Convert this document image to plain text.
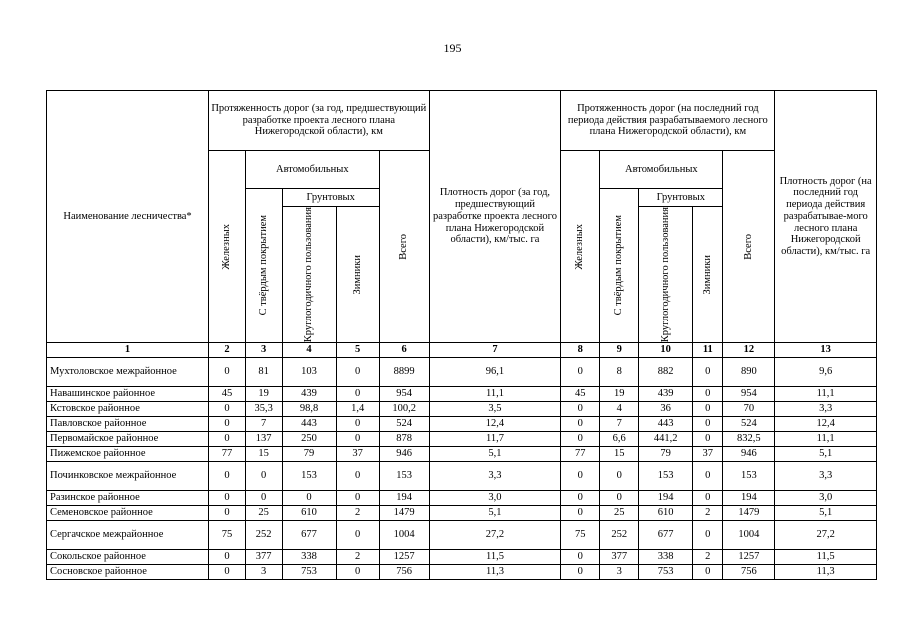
195
Наименование лесничества*	Протяженность дорог (за год, предшествующий разработке проекта лесного плана Нижегородской области), км					Плотность дорог (за год, предшествующий разработке проекта лесного плана Нижегородской области), км/тыс. га	Протяженность дорог (на последний год периода действия разрабатываемого лесного плана Нижегородской области), км					Плотность дорог (на последний год периода действия разрабатывае-мого лесного плана Нижегородской области), км/тыс. га

	Железных	Автомобильных			Всего		Железных	Автомобильных			Всего	

		С твёрдым покрытием	Грунтовых					С твёрдым покрытием	Грунтовых			

			Круглогодичного пользования	Зимники					Круглогодичного пользования	Зимники		

1	2	3	4	5	6	7	8	9	10	11	12	13
Мухтоловское межрайонное	0	81	103	0	8899	96,1	0	8	882	0	890	9,6
Навашинское районное	45	19	439	0	954	11,1	45	19	439	0	954	11,1
Кстовское районное	0	35,3	98,8	1,4	100,2	3,5	0	4	36	0	70	3,3
Павловское районное	0	7	443	0	524	12,4	0	7	443	0	524	12,4
Первомайское районное	0	137	250	0	878	11,7	0	6,6	441,2	0	832,5	11,1
Пижемское районное	77	15	79	37	946	5,1	77	15	79	37	946	5,1
Починковское межрайонное	0	0	153	0	153	3,3	0	0	153	0	153	3,3
Разинское районное	0	0	0	0	194	3,0	0	0	194	0	194	3,0
Семеновское районное	0	25	610	2	1479	5,1	0	25	610	2	1479	5,1
Сергачское межрайонное	75	252	677	0	1004	27,2	75	252	677	0	1004	27,2
Сокольское районное	0	377	338	2	1257	11,5	0	377	338	2	1257	11,5
Сосновское районное	0	3	753	0	756	11,3	0	3	753	0	756	11,3
